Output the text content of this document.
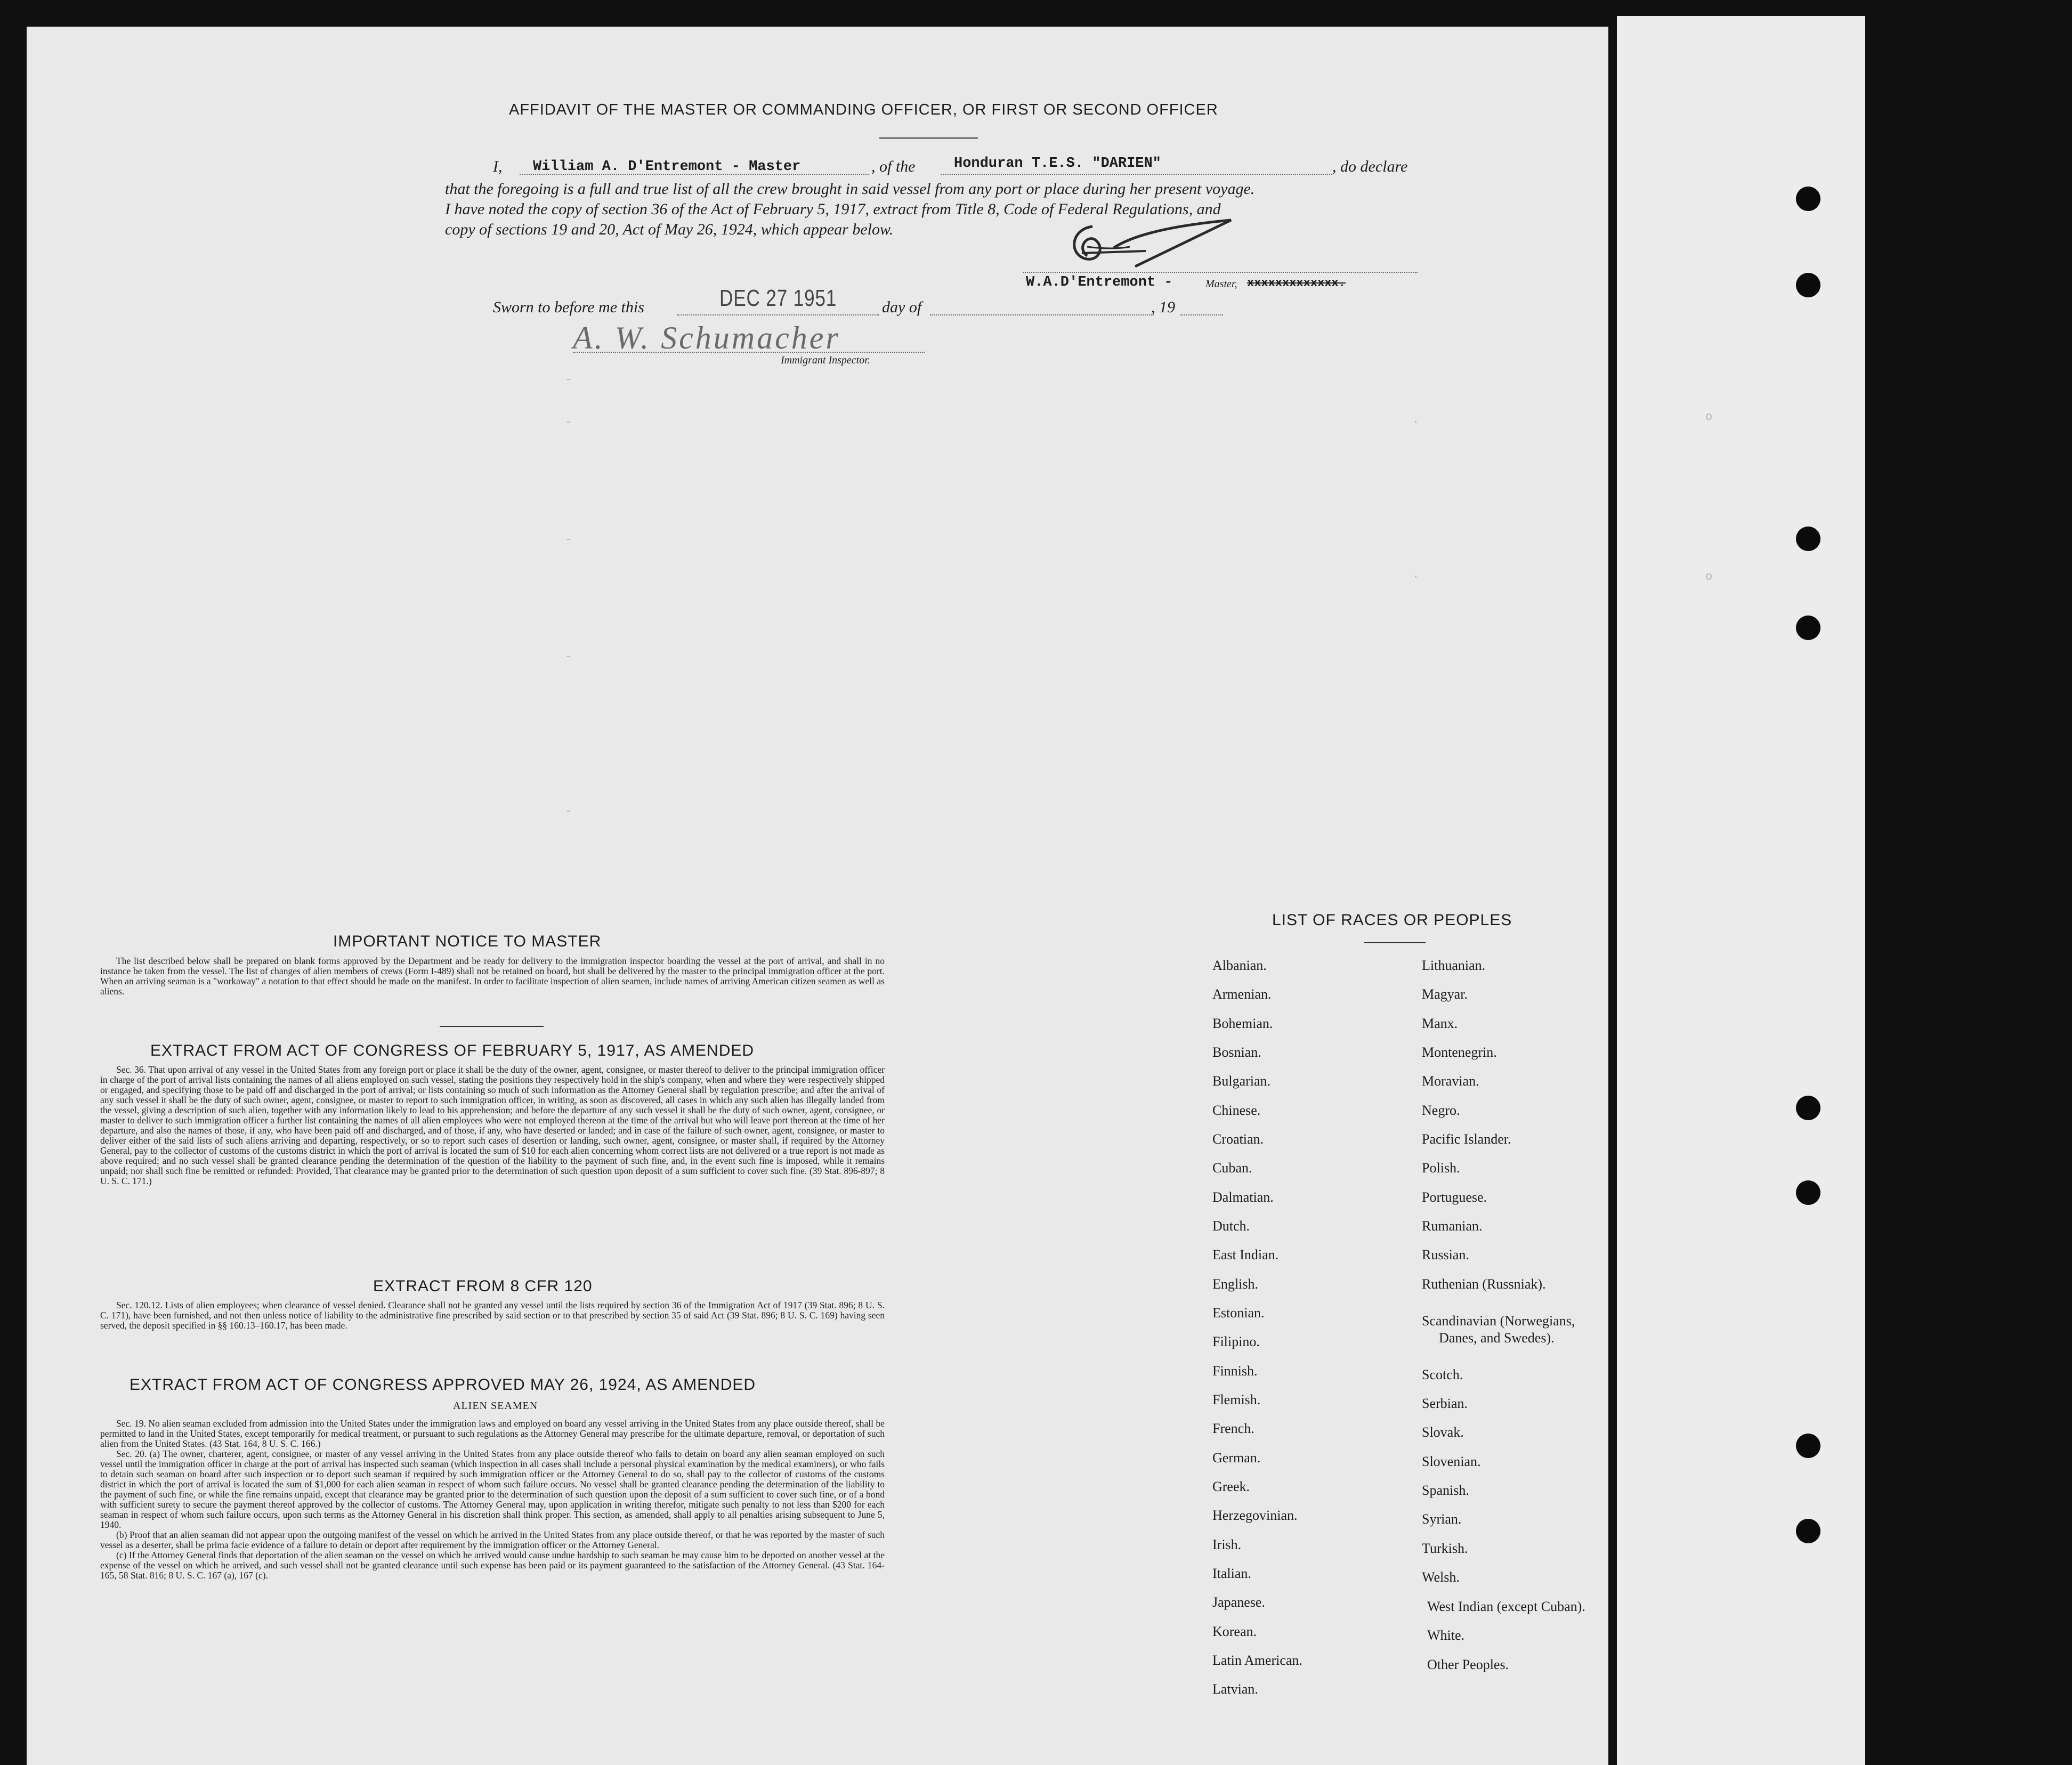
AFFIDAVIT OF THE MASTER OR COMMANDING OFFICER, OR FIRST OR SECOND OFFICER
I, William A. D'Entremont - Master	, of the	Honduran T.E.S. "DARIEN"	, do declare
that the foregoing is a full and true list of all the crew brought in said vessel from any port or place during her present voyage.
I have noted the copy of section 36 of the Act of February 5, 1917, extract from Title 8, Code of Federal Regulations, and
copy of sections 19 and 20, Act of May 26, 1924, which appear below.
W.A.D'Entremont -	Master, xxxxxxxxxxxxx.
Sworn to before me this	DEC 27 1951	day of	, 19
A. W. Schumacher
Immigrant Inspector.
-
-
-
-
-
·
·
o
o
IMPORTANT NOTICE TO MASTER

The list described below shall be prepared on blank forms approved by the Department and be ready for delivery to the immigration inspector boarding the vessel at the port of arrival, and shall in no instance be taken from the vessel. The list of changes of alien members of crews (Form I-489) shall not be retained on board, but shall be delivered by the master to the principal immigration officer at the port. When an arriving seaman is a "workaway" a notation to that effect should be made on the manifest. In order to facilitate inspection of alien seamen, include names of arriving American citizen seamen as well as aliens.

EXTRACT FROM ACT OF CONGRESS OF FEBRUARY 5, 1917, AS AMENDED

Sec. 36. That upon arrival of any vessel in the United States from any foreign port or place it shall be the duty of the owner, agent, consignee, or master thereof to deliver to the principal immigration officer in charge of the port of arrival lists containing the names of all aliens employed on such vessel, stating the positions they respectively hold in the ship's company, when and where they were respectively shipped or engaged, and specifying those to be paid off and discharged in the port of arrival; or lists containing so much of such information as the Attorney General shall by regulation prescribe; and after the arrival of any such vessel it shall be the duty of such owner, agent, consignee, or master to report to such immigration officer, in writing, as soon as discovered, all cases in which any such alien has illegally landed from the vessel, giving a description of such alien, together with any information likely to lead to his apprehension; and before the departure of any such vessel it shall be the duty of such owner, agent, consignee, or master to deliver to such immigration officer a further list containing the names of all alien employees who were not employed thereon at the time of the arrival but who will leave port thereon at the time of her departure, and also the names of those, if any, who have been paid off and discharged, and of those, if any, who have deserted or landed; and in case of the failure of such owner, agent, consignee, or master to deliver either of the said lists of such aliens arriving and departing, respectively, or so to report such cases of desertion or landing, such owner, agent, consignee, or master shall, if required by the Attorney General, pay to the collector of customs of the customs district in which the port of arrival is located the sum of $10 for each alien concerning whom correct lists are not delivered or a true report is not made as above required; and no such vessel shall be granted clearance pending the determination of the question of the liability to the payment of such fine, and, in the event such fine is imposed, while it remains unpaid; nor shall such fine be remitted or refunded: Provided, That clearance may be granted prior to the determination of such question upon deposit of a sum sufficient to cover such fine. (39 Stat. 896-897; 8 U. S. C. 171.)

EXTRACT FROM 8 CFR 120

Sec. 120.12. Lists of alien employees; when clearance of vessel denied. Clearance shall not be granted any vessel until the lists required by section 36 of the Immigration Act of 1917 (39 Stat. 896; 8 U. S. C. 171), have been furnished, and not then unless notice of liability to the administrative fine prescribed by said section or to that prescribed by section 35 of said Act (39 Stat. 896; 8 U. S. C. 169) having seen served, the deposit specified in §§ 160.13–160.17, has been made.

EXTRACT FROM ACT OF CONGRESS APPROVED MAY 26, 1924, AS AMENDED
ALIEN SEAMEN

Sec. 19. No alien seaman excluded from admission into the United States under the immigration laws and employed on board any vessel arriving in the United States from any place outside thereof, shall be permitted to land in the United States, except temporarily for medical treatment, or pursuant to such regulations as the Attorney General may prescribe for the ultimate departure, removal, or deportation of such alien from the United States. (43 Stat. 164, 8 U. S. C. 166.)

Sec. 20. (a) The owner, charterer, agent, consignee, or master of any vessel arriving in the United States from any place outside thereof who fails to detain on board any alien seaman employed on such vessel until the immigration officer in charge at the port of arrival has inspected such seaman (which inspection in all cases shall include a personal physical examination by the medical examiners), or who fails to detain such seaman on board after such inspection or to deport such seaman if required by such immigration officer or the Attorney General to do so, shall pay to the collector of customs of the customs district in which the port of arrival is located the sum of $1,000 for each alien seaman in respect of whom such failure occurs. No vessel shall be granted clearance pending the determination of the liability to the payment of such fine, or while the fine remains unpaid, except that clearance may be granted prior to the determination of such question upon the deposit of a sum sufficient to cover such fine, or of a bond with sufficient surety to secure the payment thereof approved by the collector of customs. The Attorney General may, upon application in writing therefor, mitigate such penalty to not less than $200 for each seaman in respect of whom such failure occurs, upon such terms as the Attorney General in his discretion shall think proper. This section, as amended, shall apply to all penalties arising subsequent to June 5, 1940.

(b) Proof that an alien seaman did not appear upon the outgoing manifest of the vessel on which he arrived in the United States from any place outside thereof, or that he was reported by the master of such vessel as a deserter, shall be prima facie evidence of a failure to detain or deport after requirement by the immigration officer or the Attorney General.

(c) If the Attorney General finds that deportation of the alien seaman on the vessel on which he arrived would cause undue hardship to such seaman he may cause him to be deported on another vessel at the expense of the vessel on which he arrived, and such vessel shall not be granted clearance until such expense has been paid or its payment guaranteed to the satisfaction of the Attorney General. (43 Stat. 164-165, 58 Stat. 816; 8 U. S. C. 167 (a), 167 (c).

LIST OF RACES OR PEOPLES
Albanian.
Armenian.
Bohemian.
Bosnian.
Bulgarian.
Chinese.
Croatian.
Cuban.
Dalmatian.
Dutch.
East Indian.
English.
Estonian.
Filipino.
Finnish.
Flemish.
French.
German.
Greek.
Herzegovinian.
Irish.
Italian.
Japanese.
Korean.
Latin American.
Latvian.
Lithuanian.
Magyar.
Manx.
Montenegrin.
Moravian.
Negro.
Pacific Islander.
Polish.
Portuguese.
Rumanian.
Russian.
Ruthenian (Russniak).
Scandinavian (Norwegians,
Danes, and Swedes).
Scotch.
Serbian.
Slovak.
Slovenian.
Spanish.
Syrian.
Turkish.
Welsh.
West Indian (except Cuban).
White.
Other Peoples.
